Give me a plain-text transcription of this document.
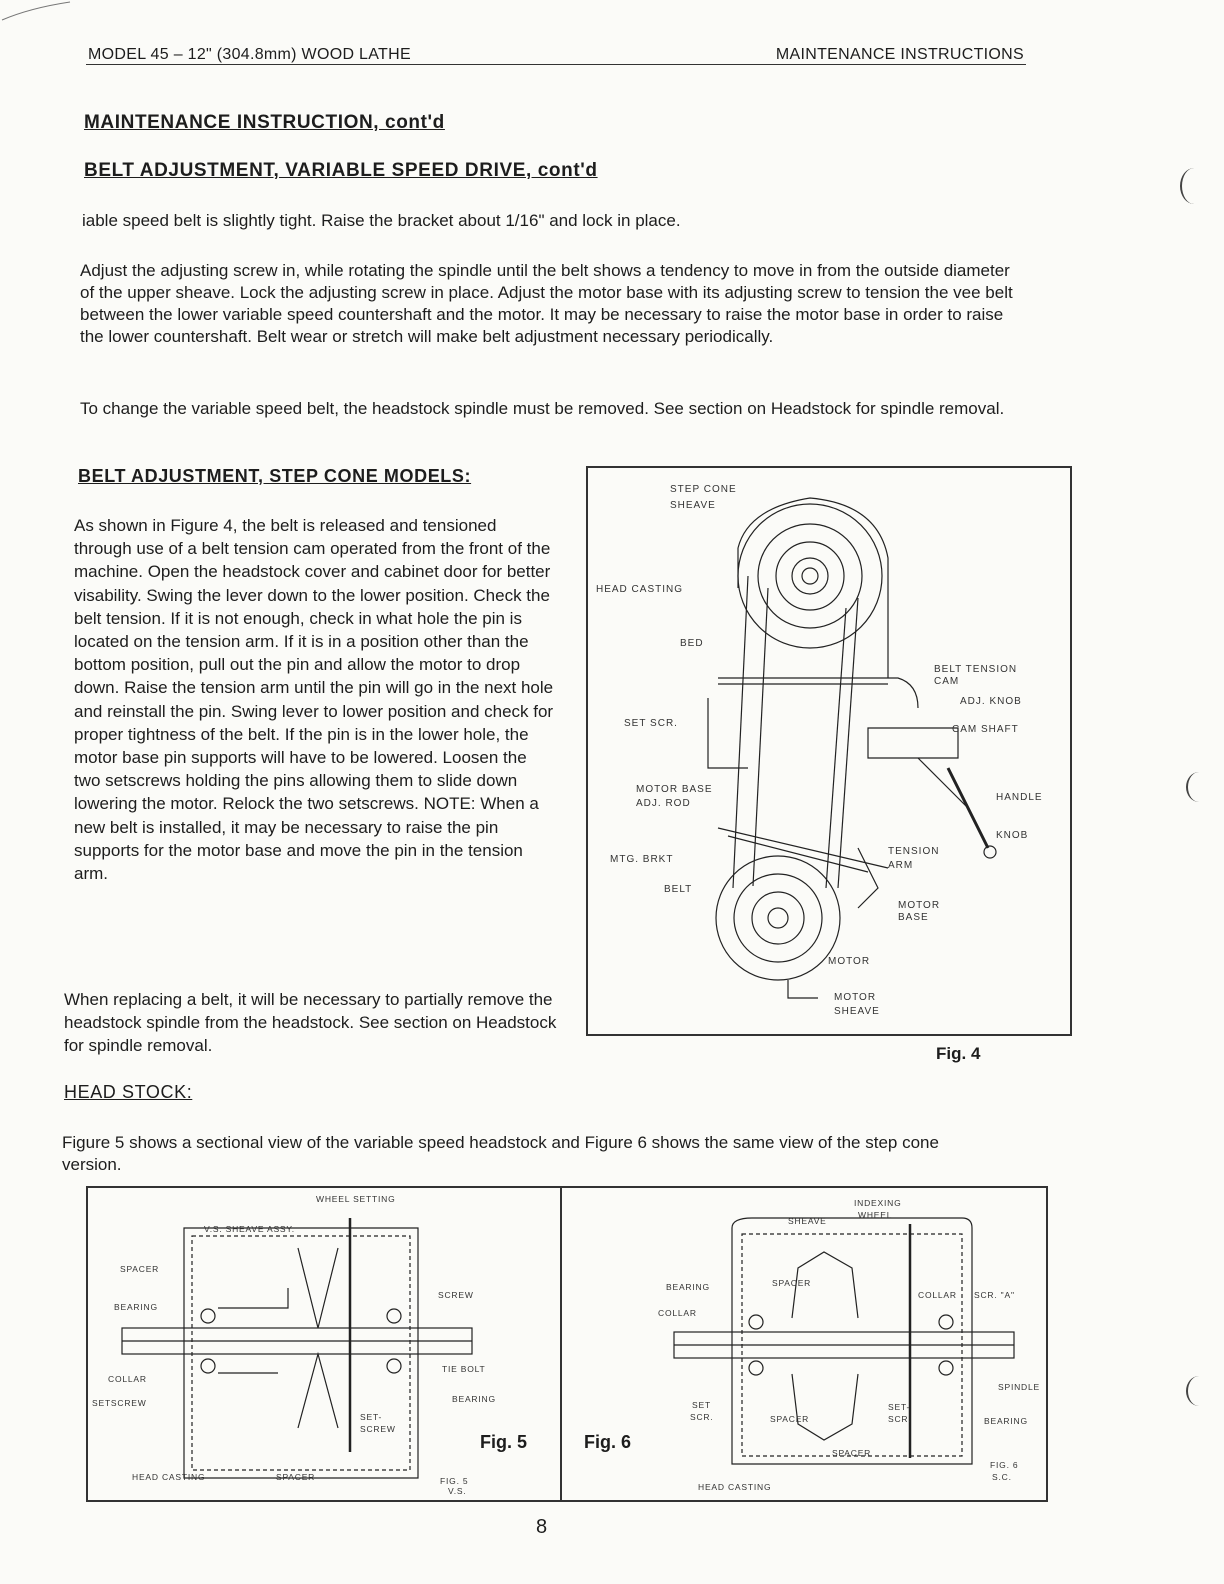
MODEL 45 – 12" (304.8mm) WOOD LATHE	MAINTENANCE INSTRUCTIONS
MAINTENANCE INSTRUCTION, cont'd
BELT ADJUSTMENT, VARIABLE SPEED DRIVE, cont'd
iable speed belt is slightly tight. Raise the bracket about 1/16" and lock in place.
Adjust the adjusting screw in, while rotating the spindle until the belt shows a tendency to move in from the outside diameter of the upper sheave. Lock the adjusting screw in place. Adjust the motor base with its adjusting screw to tension the vee belt between the lower variable speed countershaft and the motor. It may be necessary to raise the motor base in order to raise the lower countershaft. Belt wear or stretch will make belt adjustment necessary periodically.
To change the variable speed belt, the headstock spindle must be removed. See section on Headstock for spindle removal.
BELT ADJUSTMENT, STEP CONE MODELS:
As shown in Figure 4, the belt is released and tensioned through use of a belt tension cam operated from the front of the machine. Open the headstock cover and cabinet door for better visability. Swing the lever down to the lower position. Check the belt tension. If it is not enough, check in what hole the pin is located on the tension arm. If it is in a position other than the bottom position, pull out the pin and allow the motor to drop down. Raise the tension arm until the pin will go in the next hole and reinstall the pin. Swing lever to lower position and check for proper tightness of the belt. If the pin is in the lower hole, the motor base pin supports will have to be lowered. Loosen the two setscrews holding the pins allowing them to slide down lowering the motor. Relock the two setscrews. NOTE: When a new belt is installed, it may be necessary to raise the pin supports for the motor base and move the pin in the tension arm.
When replacing a belt, it will be necessary to partially remove the headstock spindle from the headstock. See section on Headstock for spindle removal.
STEP CONE
SHEAVE
HEAD CASTING
BED
BELT TENSION
CAM
ADJ. KNOB
CAM SHAFT
SET SCR.
MOTOR BASE
ADJ. ROD
HANDLE
KNOB
MTG. BRKT
TENSION
ARM
BELT
MOTOR
BASE
MOTOR
MOTOR
SHEAVE
Fig. 4
HEAD STOCK:
Figure 5 shows a sectional view of the variable speed headstock and Figure 6 shows the same view of the step cone version.
WHEEL SETTING
V.S. SHEAVE ASSY.
SPACER
BEARING
COLLAR
SETSCREW
SCREW
TIE BOLT
BEARING
SET-
SCREW
HEAD CASTING	SPACER	FIG. 5
V.S.
Fig. 5
INDEXING
WHEEL
SHEAVE
SPACER
BEARING
COLLAR
COLLAR SCR. "A"
SPINDLE
SET
SCR.	SPACER
SET-
SCR.	BEARING
SPACER
HEAD CASTING
FIG. 6
S.C.
Fig. 6
8
